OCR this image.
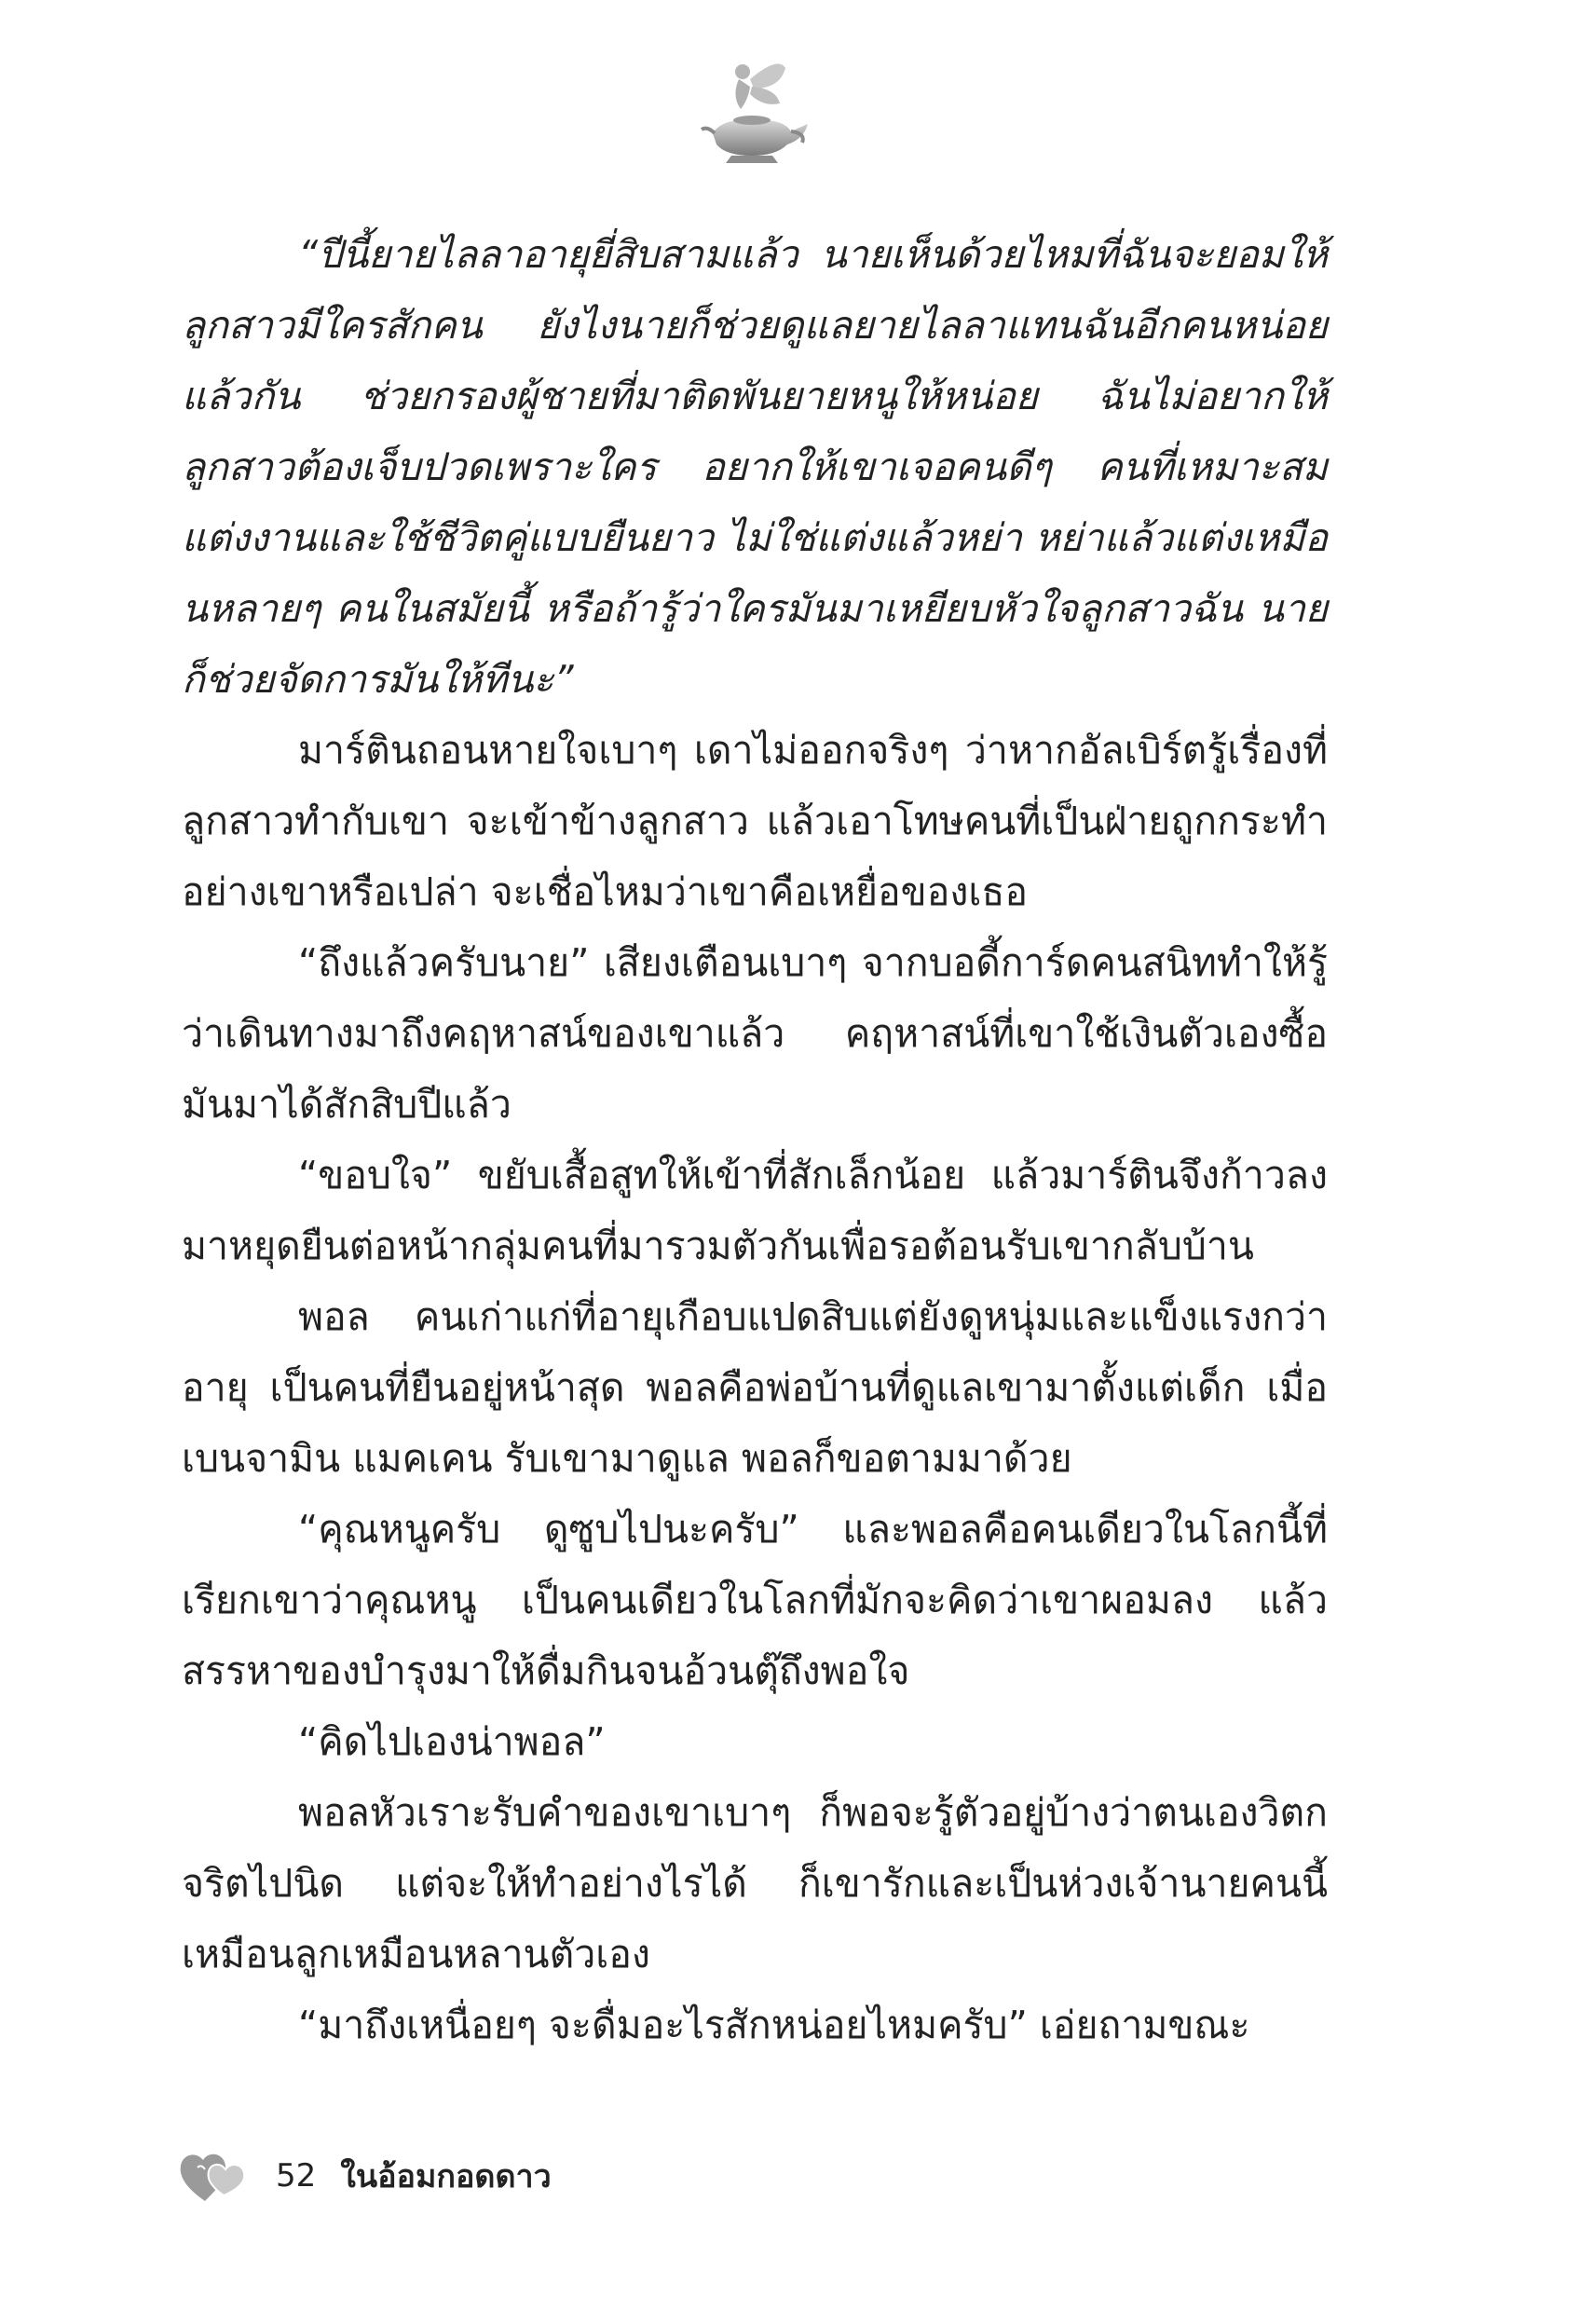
“ปีนี้ยายไลลาอายุยี่สิบสามแล้ว นายเห็นด้วยไหมที่ฉันจะยอมให้ลูกสาวมีใครสักคน ยังไงนายก็ช่วยดูแลยายไลลาแทนฉันอีกคนหน่อยแล้วกัน ช่วยกรองผู้ชายที่มาติดพันยายหนูให้หน่อย ฉันไม่อยากให้ลูกสาวต้องเจ็บปวดเพราะใคร อยากให้เขาเจอคนดีๆ คนที่เหมาะสม แต่งงานและใช้ชีวิตคู่แบบยืนยาว ไม่ใช่แต่งแล้วหย่า หย่าแล้วแต่งเหมือนหลายๆ คนในสมัยนี้ หรือถ้ารู้ว่าใครมันมาเหยียบหัวใจลูกสาวฉัน นายก็ช่วยจัดการมันให้ทีนะ”

มาร์ตินถอนหายใจเบาๆ เดาไม่ออกจริงๆ ว่าหากอัลเบิร์ตรู้เรื่องที่ลูกสาวทำกับเขา จะเข้าข้างลูกสาว แล้วเอาโทษคนที่เป็นฝ่ายถูกกระทำอย่างเขาหรือเปล่า จะเชื่อไหมว่าเขาคือเหยื่อของเธอ

“ถึงแล้วครับนาย” เสียงเตือนเบาๆ จากบอดี้การ์ดคนสนิททำให้รู้ว่าเดินทางมาถึงคฤหาสน์ของเขาแล้ว คฤหาสน์ที่เขาใช้เงินตัวเองซื้อมันมาได้สักสิบปีแล้ว

“ขอบใจ” ขยับเสื้อสูทให้เข้าที่สักเล็กน้อย แล้วมาร์ตินจึงก้าวลงมาหยุดยืนต่อหน้ากลุ่มคนที่มารวมตัวกันเพื่อรอต้อนรับเขากลับบ้าน

พอล คนเก่าแก่ที่อายุเกือบแปดสิบแต่ยังดูหนุ่มและแข็งแรงกว่าอายุ เป็นคนที่ยืนอยู่หน้าสุด พอลคือพ่อบ้านที่ดูแลเขามาตั้งแต่เด็ก เมื่อ เบนจามิน แมคเคน รับเขามาดูแล พอลก็ขอตามมาด้วย

“คุณหนูครับ ดูซูบไปนะครับ” และพอลคือคนเดียวในโลกนี้ที่เรียกเขาว่าคุณหนู เป็นคนเดียวในโลกที่มักจะคิดว่าเขาผอมลง แล้วสรรหาของบำรุงมาให้ดื่มกินจนอ้วนตุ๊ถึงพอใจ

“คิดไปเองน่าพอล”

พอลหัวเราะรับคำของเขาเบาๆ ก็พอจะรู้ตัวอยู่บ้างว่าตนเองวิตกจริตไปนิด แต่จะให้ทำอย่างไรได้ ก็เขารักและเป็นห่วงเจ้านายคนนี้เหมือนลูกเหมือนหลานตัวเอง

“มาถึงเหนื่อยๆ จะดื่มอะไรสักหน่อยไหมครับ” เอ่ยถามขณะ

52 ในอ้อมกอดดาว
